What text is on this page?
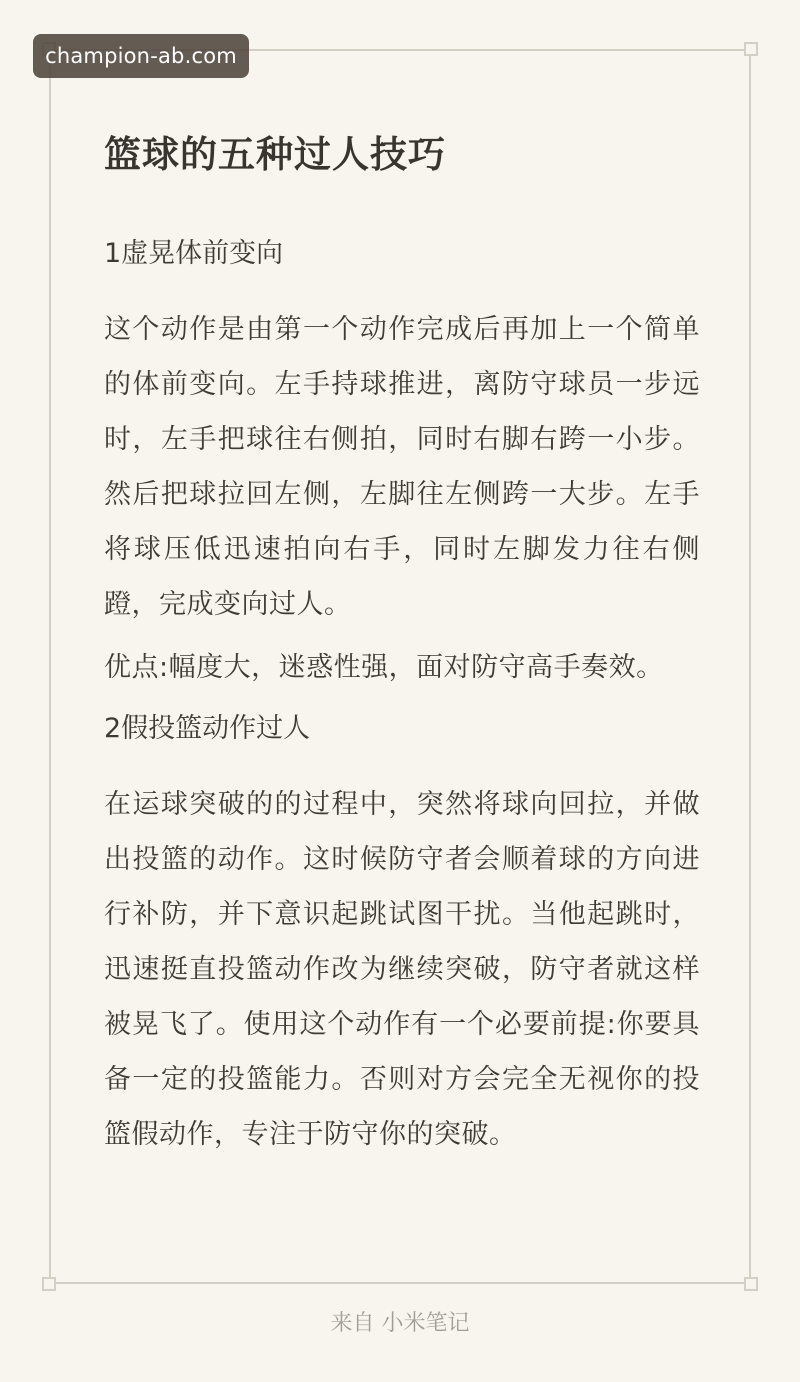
champion-ab.com
篮球的五种过人技巧
1虚晃体前变向
这个动作是由第一个动作完成后再加上一个简单的体前变向。左手持球推进，离防守球员一步远时，左手把球往右侧拍，同时右脚右跨一小步。然后把球拉回左侧，左脚往左侧跨一大步。左手将球压低迅速拍向右手，同时左脚发力往右侧蹬，完成变向过人。
优点:幅度大，迷惑性强，面对防守高手奏效。
2假投篮动作过人
在运球突破的的过程中，突然将球向回拉，并做出投篮的动作。这时候防守者会顺着球的方向进行补防，并下意识起跳试图干扰。当他起跳时，迅速挺直投篮动作改为继续突破，防守者就这样被晃飞了。使用这个动作有一个必要前提:你要具备一定的投篮能力。否则对方会完全无视你的投篮假动作，专注于防守你的突破。
来自 小米笔记
